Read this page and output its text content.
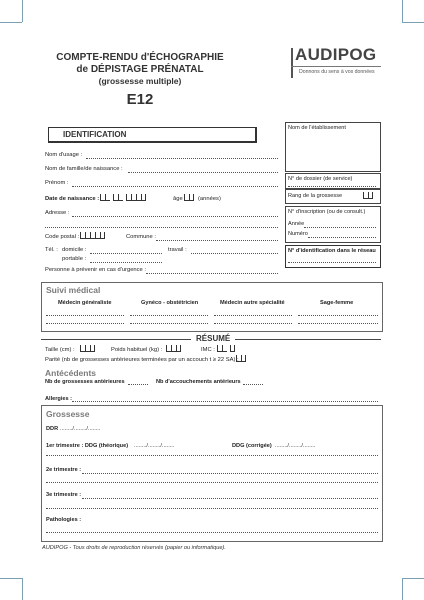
COMPTE-RENDU d'ÉCHOGRAPHIE
de DÉPISTAGE PRÉNATAL
(grossesse multiple)
E12
AUDIPOG
Donnons du sens à vos données
IDENTIFICATION
Nom d'usage :
Nom de famille/de naissance :
Prénom :
Date de naissance :	âge	(années)
Adresse :
Code postal :	Commune :
Tél. : domicile :	travail :
portable :
Personne à prévenir en cas d'urgence :
Nom de l'établissement
N° de dossier (de service)
Rang de la grossesse
N° d'inscription (ou de consult.)
Année
Numéro
N° d'identification dans le réseau
Suivi médical
Médecin généraliste	Gynéco - obstétricien	Médecin autre spécialité	Sage-femme
RÉSUMÉ
Taille (cm) :	Poids habituel (kg) :	IMC :
Parité (nb de grossesses antérieures terminées par un accouch t ≥ 22 SA) :
Antécédents
Nb de grossesses antérieures	Nb d'accouchements antérieurs
Allergies :
Grossesse
DDR ......../......../........
1er trimestre : DDG (théorique) ......../......../........	DDG (corrigée) ......../......../........
2e trimestre :
3e trimestre :
Pathologies :
AUDIPOG - Tous droits de reproduction réservés (papier ou informatique).
